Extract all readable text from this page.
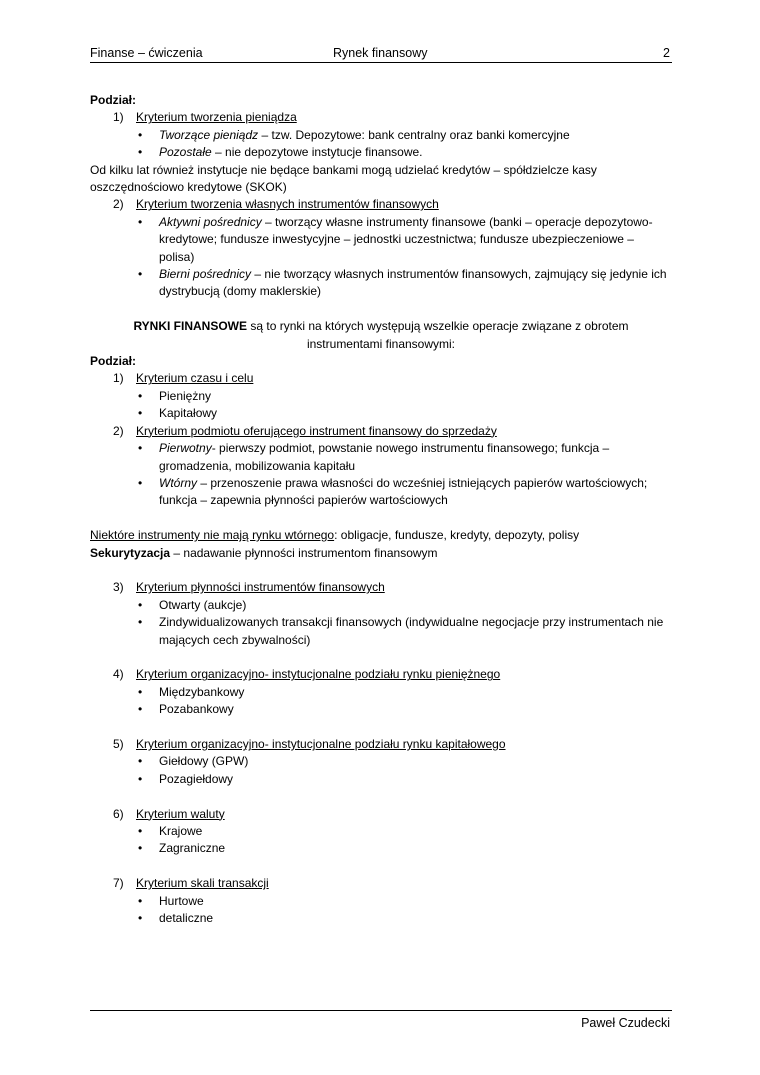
Finanse – ćwiczenia	Rynek finansowy	2
Podział:
1) Kryterium tworzenia pieniądza
• Tworzące pieniądz – tzw. Depozytowe: bank centralny oraz banki komercyjne
• Pozostałe – nie depozytowe instytucje finansowe.
Od kilku lat również instytucje nie będące bankami mogą udzielać kredytów – spółdzielcze kasy oszczędnościowo kredytowe (SKOK)
2) Kryterium tworzenia własnych instrumentów finansowych
• Aktywni pośrednicy – tworzący własne instrumenty finansowe (banki – operacje depozytowo- kredytowe; fundusze inwestycyjne – jednostki uczestnictwa; fundusze ubezpieczeniowe – polisa)
• Bierni pośrednicy – nie tworzący własnych instrumentów finansowych, zajmujący się jedynie ich dystrybucją (domy maklerskie)
RYNKI FINANSOWE są to rynki na których występują wszelkie operacje związane z obrotem
instrumentami finansowymi:
Podział:
1) Kryterium czasu i celu
• Pieniężny
• Kapitałowy
2) Kryterium podmiotu oferującego instrument finansowy do sprzedaży
• Pierwotny- pierwszy podmiot, powstanie nowego instrumentu finansowego; funkcja – gromadzenia, mobilizowania kapitału
• Wtórny – przenoszenie prawa własności do wcześniej istniejących papierów wartościowych; funkcja – zapewnia płynności papierów wartościowych
Niektóre instrumenty nie mają rynku wtórnego: obligacje, fundusze, kredyty, depozyty, polisy
Sekurytyzacja – nadawanie płynności instrumentom finansowym
3) Kryterium płynności instrumentów finansowych
• Otwarty (aukcje)
• Zindywidualizowanych transakcji finansowych (indywidualne negocjacje przy instrumentach nie mających cech zbywalności)
4) Kryterium organizacyjno- instytucjonalne podziału rynku pieniężnego
• Międzybankowy
• Pozabankowy
5) Kryterium organizacyjno- instytucjonalne podziału rynku kapitałowego
• Giełdowy (GPW)
• Pozagiełdowy
6) Kryterium waluty
• Krajowe
• Zagraniczne
7) Kryterium skali transakcji
• Hurtowe
• detaliczne
Paweł Czudecki
